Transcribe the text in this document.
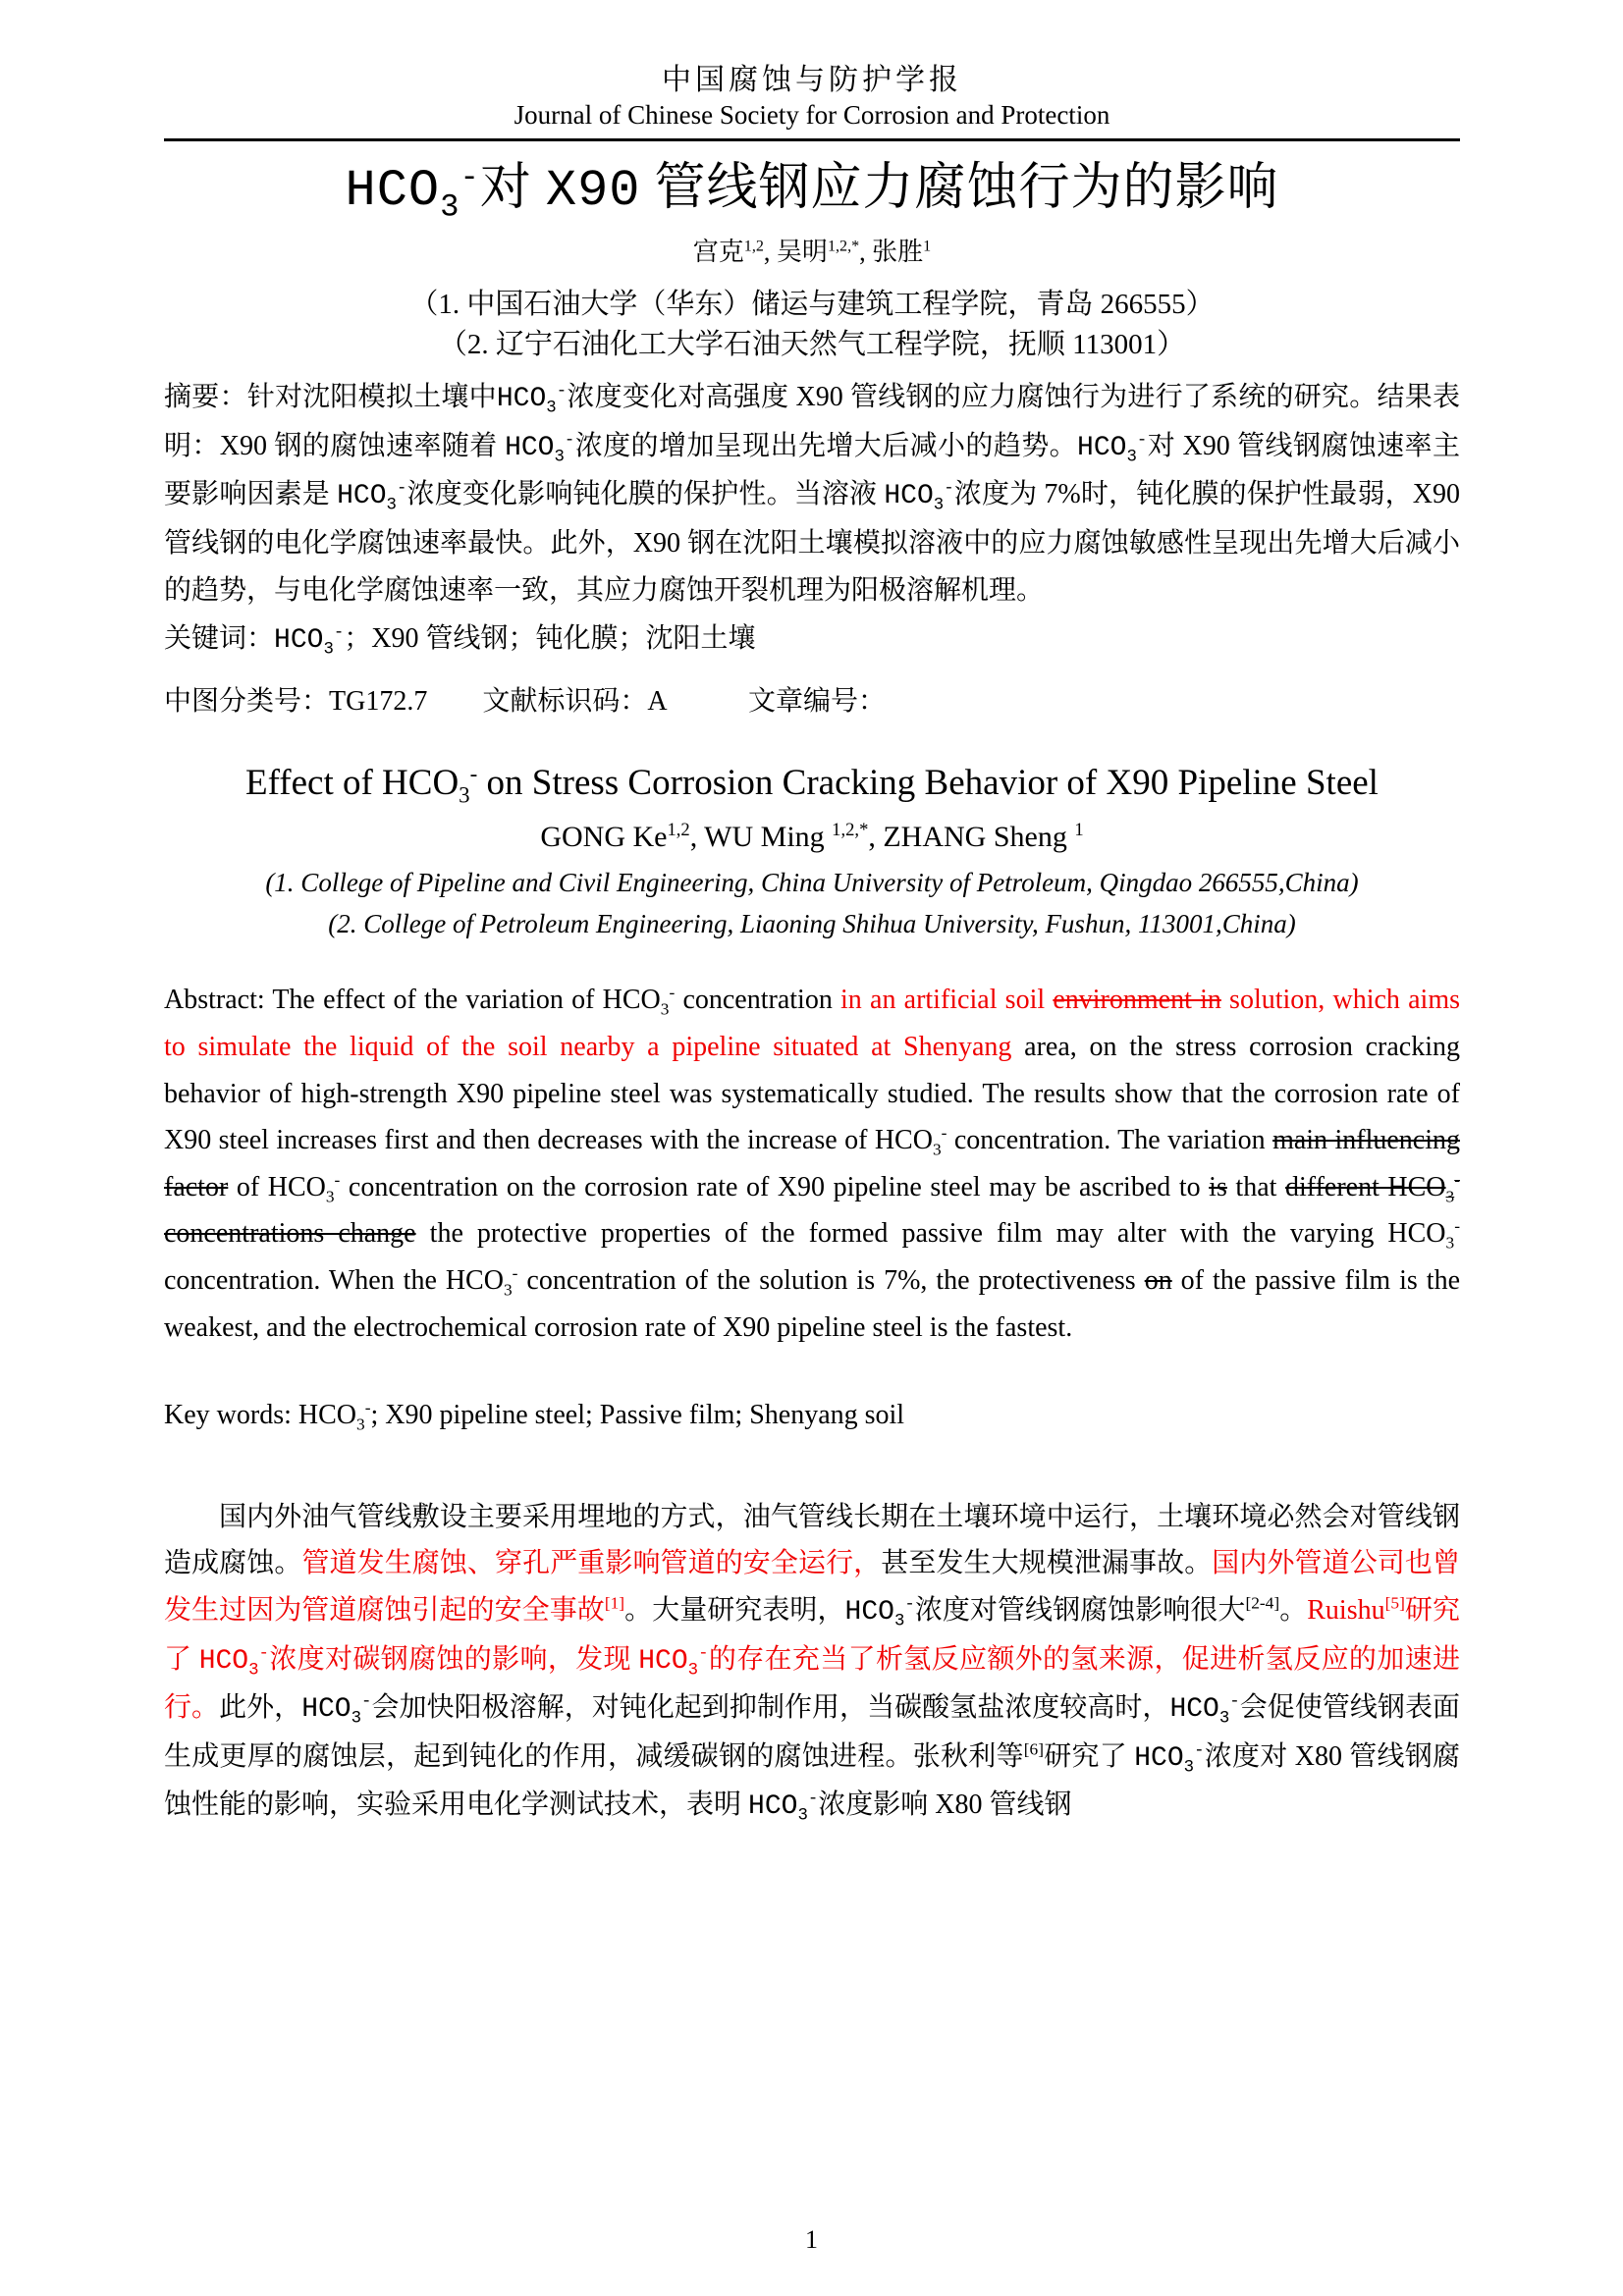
中国腐蚀与防护学报
Journal of Chinese Society for Corrosion and Protection
$HCO_3^-$对 X90 管线钢应力腐蚀行为的影响
宫克$^{1,2}$, 吴明$^{1,2,*}$, 张胜$^1$
（1. 中国石油大学（华东）储运与建筑工程学院，青岛 266555）
（2. 辽宁石油化工大学石油天然气工程学院，抚顺 113001）

摘要：针对沈阳模拟土壤中$HCO_3^-$浓度变化对高强度 X90 管线钢的应力腐蚀行为进行了系统的研究。结果表明：X90 钢的腐蚀速率随着 $HCO_3^-$浓度的增加呈现出先增大后减小的趋势。$HCO_3^-$对 X90 管线钢腐蚀速率主要影响因素是 $HCO_3^-$浓度变化影响钝化膜的保护性。当溶液 $HCO_3^-$浓度为 7%时，钝化膜的保护性最弱，X90 管线钢的电化学腐蚀速率最快。此外，X90 钢在沈阳土壤模拟溶液中的应力腐蚀敏感性呈现出先增大后减小的趋势，与电化学腐蚀速率一致，其应力腐蚀开裂机理为阳极溶解机理。

关键词：$HCO_3^-$；X90 管线钢；钝化膜；沈阳土壤

中图分类号：TG172.7        文献标识码：A            文章编号：

Effect of $HCO_3^-$ on Stress Corrosion Cracking Behavior of X90 Pipeline Steel
GONG Ke$^{1,2}$, WU Ming $^{1,2,*}$, ZHANG Sheng $^1$
(1. College of Pipeline and Civil Engineering, China University of Petroleum, Qingdao 266555,China)
(2. College of Petroleum Engineering, Liaoning Shihua University, Fushun, 113001,China)

Abstract: The effect of the variation of $HCO_3^-$ concentration in an artificial soil environment in solution, which aims to simulate the liquid of the soil nearby a pipeline situated at Shenyang area, on the stress corrosion cracking behavior of high-strength X90 pipeline steel was systematically studied. The results show that the corrosion rate of X90 steel increases first and then decreases with the increase of $HCO_3^-$ concentration. The variation main influencing factor of $HCO_3^-$ concentration on the corrosion rate of X90 pipeline steel may be ascribed to is that different $HCO_3^-$ concentrations change the protective properties of the formed passive film may alter with the varying $HCO_3^-$ concentration. When the $HCO_3^-$ concentration of the solution is 7%, the protectiveness on of the passive film is the weakest, and the electrochemical corrosion rate of X90 pipeline steel is the fastest.

Key words: $HCO_3^-$; X90 pipeline steel; Passive film; Shenyang soil

国内外油气管线敷设主要采用埋地的方式，油气管线长期在土壤环境中运行，土壤环境必然会对管线钢造成腐蚀。管道发生腐蚀、穿孔严重影响管道的安全运行，甚至发生大规模泄漏事故。国内外管道公司也曾发生过因为管道腐蚀引起的安全事故[1]。大量研究表明，$HCO_3^-$浓度对管线钢腐蚀影响很大[2-4]。Ruishu[5]研究了 $HCO_3^-$浓度对碳钢腐蚀的影响，发现 $HCO_3^-$的存在充当了析氢反应额外的氢来源，促进析氢反应的加速进行。此外，$HCO_3^-$会加快阳极溶解，对钝化起到抑制作用，当碳酸氢盐浓度较高时，$HCO_3^-$会促使管线钢表面生成更厚的腐蚀层，起到钝化的作用，减缓碳钢的腐蚀进程。张秋利等[6]研究了 $HCO_3^-$浓度对 X80 管线钢腐蚀性能的影响，实验采用电化学测试技术，表明 $HCO_3^-$浓度影响 X80 管线钢

1
